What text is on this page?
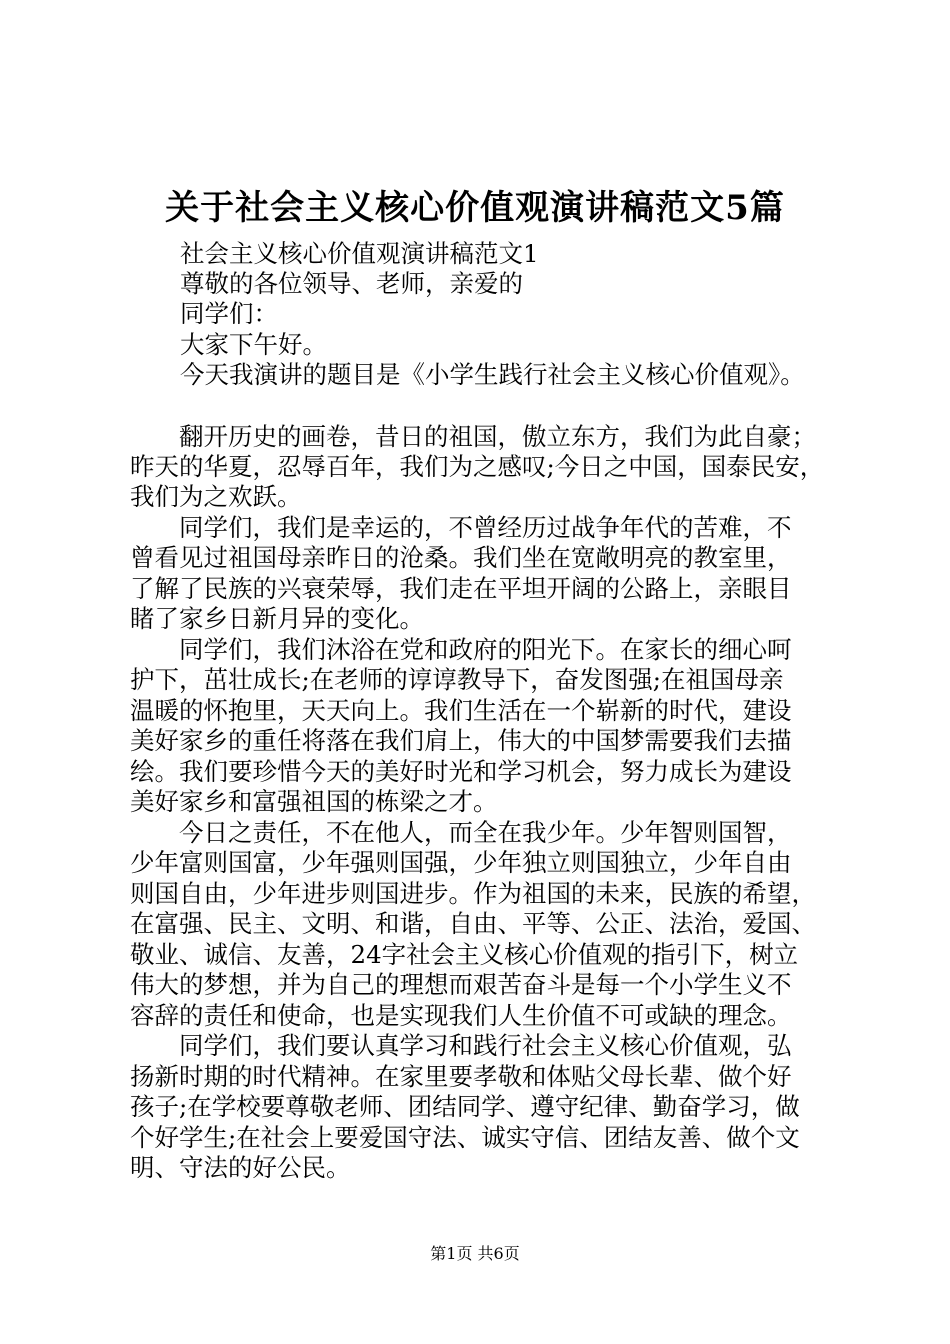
关于社会主义核心价值观演讲稿范文5篇
社会主义核心价值观演讲稿范文1
尊敬的各位领导、老师，亲爱的
同学们：
大家下午好。
今天我演讲的题目是《小学生践行社会主义核心价值观》。
　　翻开历史的画卷，昔日的祖国，傲立东方，我们为此自豪；
昨天的华夏，忍辱百年，我们为之感叹;今日之中国，国泰民安，
我们为之欢跃。
　　同学们，我们是幸运的，不曾经历过战争年代的苦难，不
曾看见过祖国母亲昨日的沧桑。我们坐在宽敞明亮的教室里，
了解了民族的兴衰荣辱，我们走在平坦开阔的公路上，亲眼目
睹了家乡日新月异的变化。
　　同学们，我们沐浴在党和政府的阳光下。在家长的细心呵
护下，茁壮成长;在老师的谆谆教导下，奋发图强;在祖国母亲
温暖的怀抱里，天天向上。我们生活在一个崭新的时代，建设
美好家乡的重任将落在我们肩上，伟大的中国梦需要我们去描
绘。我们要珍惜今天的美好时光和学习机会，努力成长为建设
美好家乡和富强祖国的栋梁之才。
　　今日之责任，不在他人，而全在我少年。少年智则国智，
少年富则国富，少年强则国强，少年独立则国独立，少年自由
则国自由，少年进步则国进步。作为祖国的未来，民族的希望，
在富强、民主、文明、和谐，自由、平等、公正、法治，爱国、
敬业、诚信、友善，24字社会主义核心价值观的指引下，树立
伟大的梦想，并为自己的理想而艰苦奋斗是每一个小学生义不
容辞的责任和使命，也是实现我们人生价值不可或缺的理念。
　　同学们，我们要认真学习和践行社会主义核心价值观，弘
扬新时期的时代精神。在家里要孝敬和体贴父母长辈、做个好
孩子;在学校要尊敬老师、团结同学、遵守纪律、勤奋学习，做
个好学生;在社会上要爱国守法、诚实守信、团结友善、做个文
明、守法的好公民。
第1页 共6页
